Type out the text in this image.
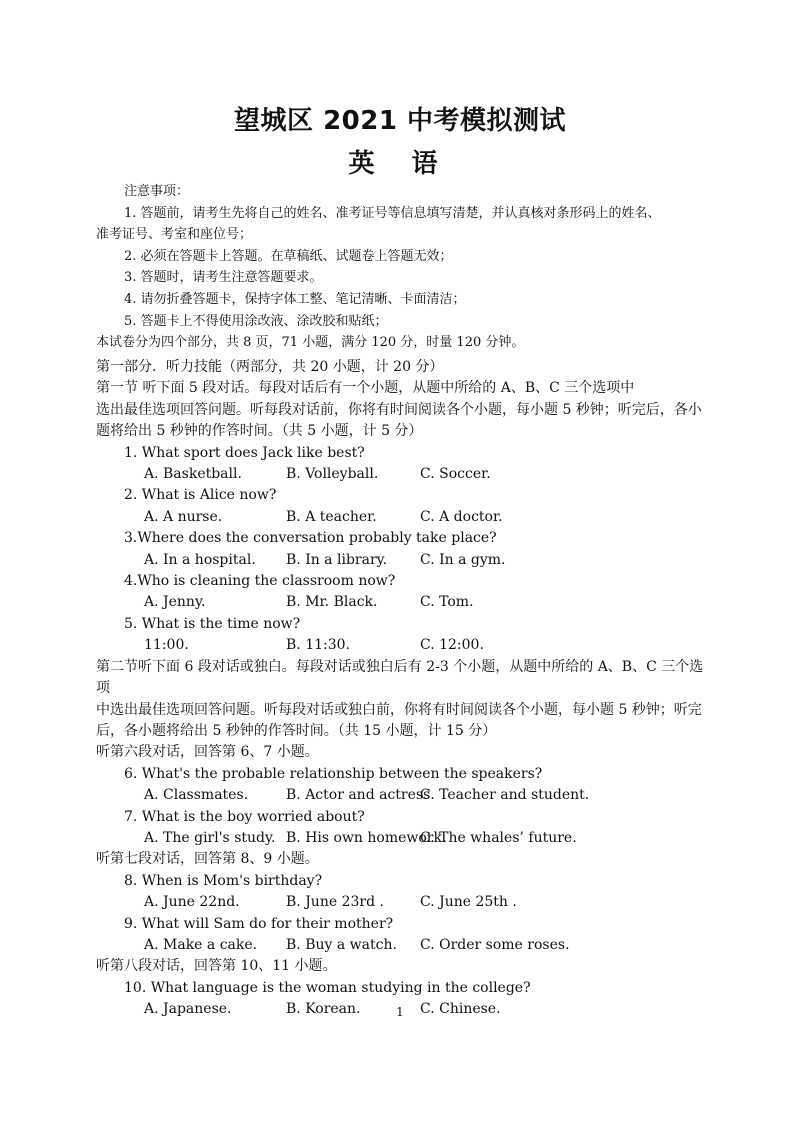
望城区 2021 中考模拟测试
英 语

注意事项：

1. 答题前，请考生先将自己的姓名、准考证号等信息填写清楚，并认真核对条形码上的姓名、

准考证号、考室和座位号；

2. 必须在答题卡上答题。在草稿纸、试题卷上答题无效；

3. 答题时，请考生注意答题要求。

4. 请勿折叠答题卡，保持字体工整、笔记清晰、卡面清洁；

5. 答题卡上不得使用涂改液、涂改胶和贴纸；

本试卷分为四个部分，共 8 页，71 小题，满分 120 分，时量 120 分钟。

第一部分．听力技能（两部分，共 20 小题，计 20 分）

第一节 听下面 5 段对话。每段对话后有一个小题，从题中所给的 A、B、C 三个选项中

选出最佳选项回答问题。听每段对话前，你将有时间阅读各个小题，每小题 5 秒钟；听完后，各小

题将给出 5 秒钟的作答时间。（共 5 小题，计 5 分）

1. What sport does Jack like best?

A. Basketball.	B. Volleyball.	C. Soccer.

2. What is Alice now?

A. A nurse.	B. A teacher.	C. A doctor.

3.Where does the conversation probably take place?

A. In a hospital.	B. In a library.	C. In a gym.

4.Who is cleaning the classroom now?

A. Jenny.	B. Mr. Black.	C. Tom.

5. What is the time now?

11:00.	B. 11:30.	C. 12:00.

第二节听下面 6 段对话或独白。每段对话或独白后有 2-3 个小题，从题中所给的 A、B、C 三个选项

中选出最佳选项回答问题。听每段对话或独白前，你将有时间阅读各个小题，每小题 5 秒钟；听完

后，各小题将给出 5 秒钟的作答时间。（共 15 小题，计 15 分）

听第六段对话，回答第 6、7 小题。

6. What's the probable relationship between the speakers?

A. Classmates.	B. Actor and actress
C. Teacher and student.

7. What is the boy worried about?

A. The girl's study. B. His own homework.
C. The whales’ future.

听第七段对话，回答第 8、9 小题。

8. When is Mom's birthday?

A. June 22nd.	B. June 23rd .	C. June 25th .

9. What will Sam do for their mother?

A. Make a cake.	B. Buy a watch.	C. Order some roses.

听第八段对话，回答第 10、11 小题。

10. What language is the woman studying in the college?

A. Japanese.	B. Korean.	C. Chinese.

1
